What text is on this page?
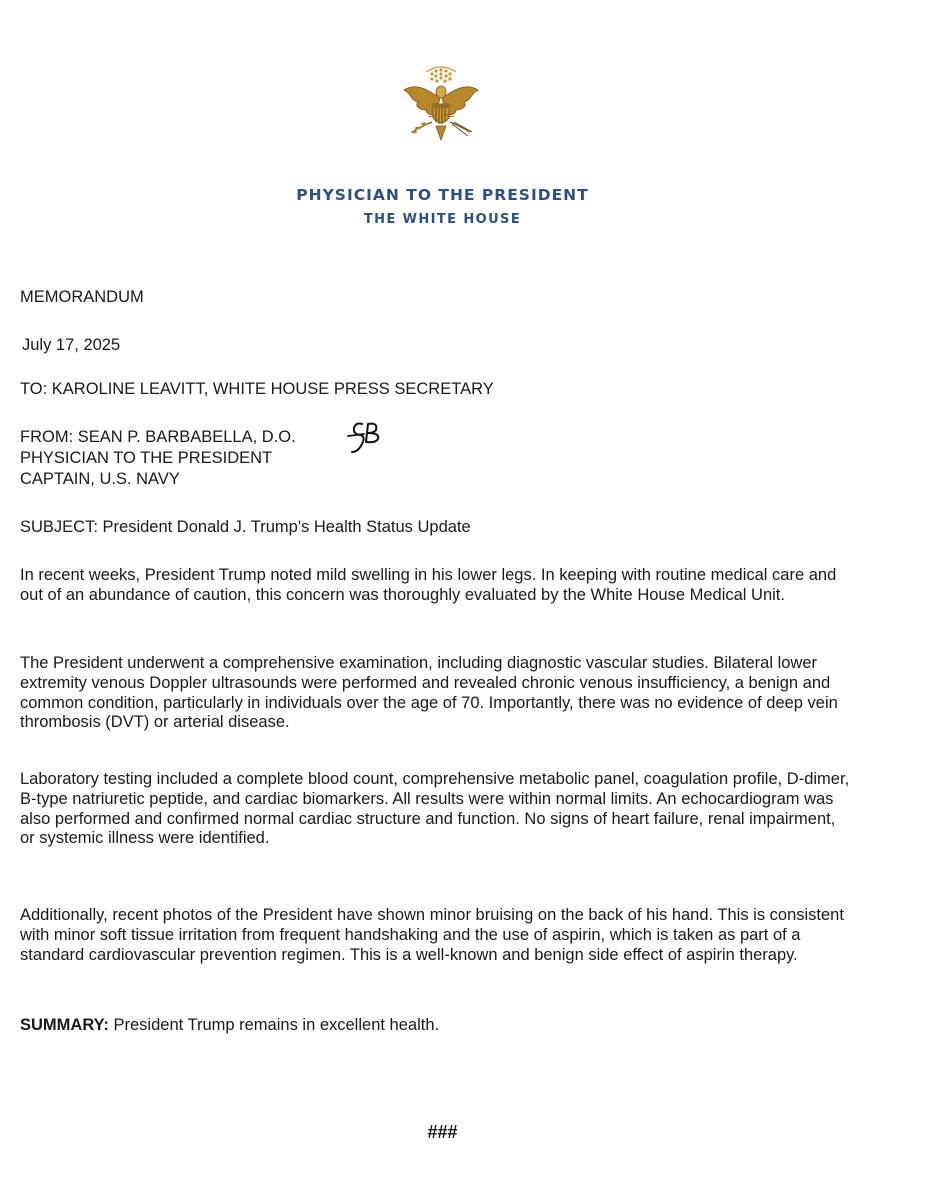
PHYSICIAN TO THE PRESIDENT
THE WHITE HOUSE
MEMORANDUM
July 17, 2025
TO: KAROLINE LEAVITT, WHITE HOUSE PRESS SECRETARY
FROM: SEAN P. BARBABELLA, D.O.
PHYSICIAN TO THE PRESIDENT
CAPTAIN, U.S. NAVY
SUBJECT: President Donald J. Trump's Health Status Update

In recent weeks, President Trump noted mild swelling in his lower legs. In keeping with routine medical care and out of an abundance of caution, this concern was thoroughly evaluated by the White House Medical Unit.

The President underwent a comprehensive examination, including diagnostic vascular studies. Bilateral lower extremity venous Doppler ultrasounds were performed and revealed chronic venous insufficiency, a benign and common condition, particularly in individuals over the age of 70. Importantly, there was no evidence of deep vein thrombosis (DVT) or arterial disease.

Laboratory testing included a complete blood count, comprehensive metabolic panel, coagulation profile, D-dimer, B-type natriuretic peptide, and cardiac biomarkers. All results were within normal limits. An echocardiogram was also performed and confirmed normal cardiac structure and function. No signs of heart failure, renal impairment, or systemic illness were identified.

Additionally, recent photos of the President have shown minor bruising on the back of his hand. This is consistent with minor soft tissue irritation from frequent handshaking and the use of aspirin, which is taken as part of a standard cardiovascular prevention regimen. This is a well-known and benign side effect of aspirin therapy.

SUMMARY: President Trump remains in excellent health.
###
